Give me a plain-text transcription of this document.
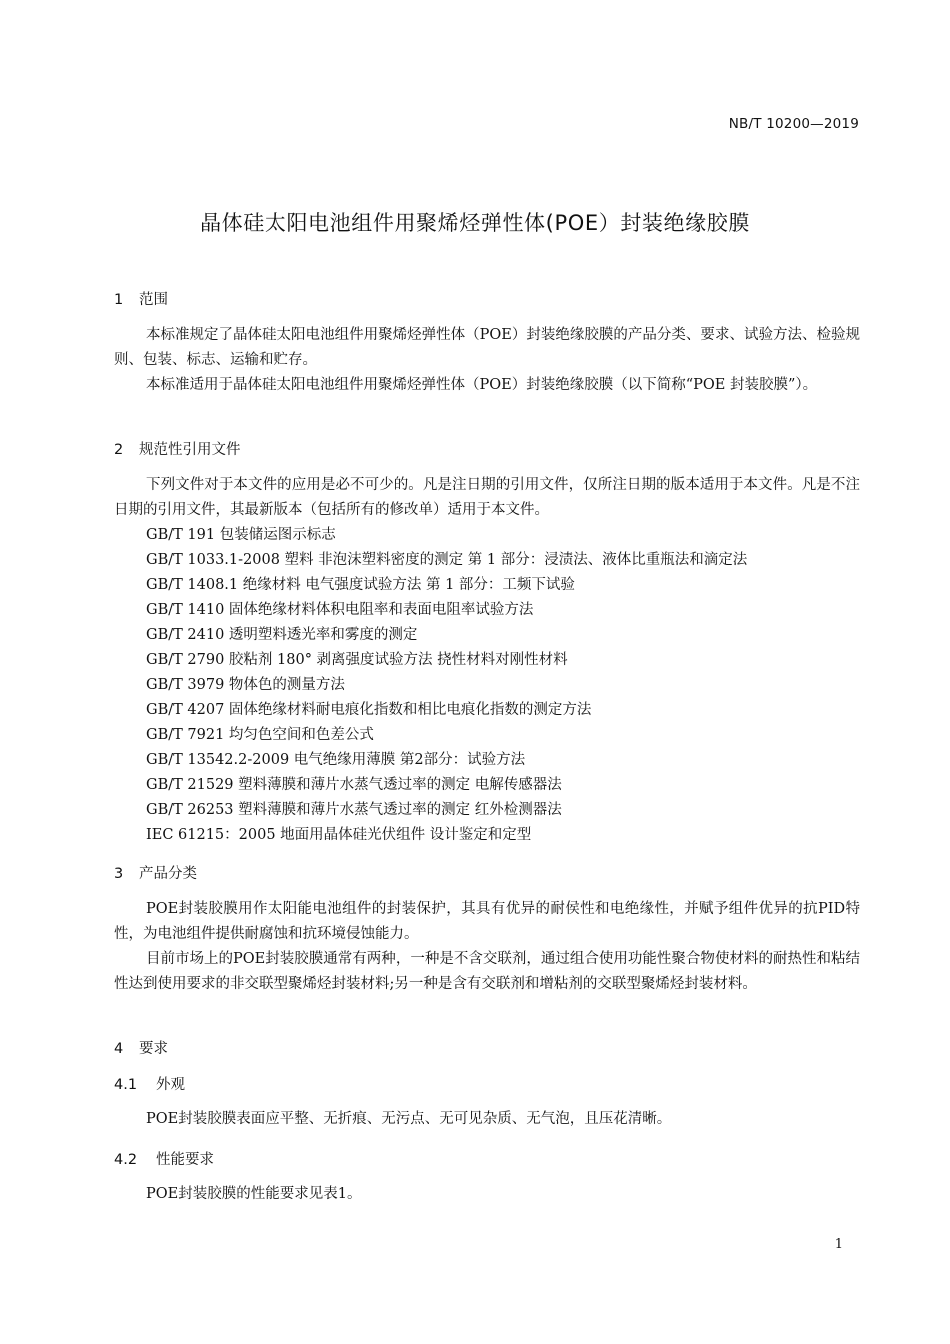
NB/T 10200—2019
晶体硅太阳电池组件用聚烯烃弹性体(POE）封装绝缘胶膜
1 范围

本标准规定了晶体硅太阳电池组件用聚烯烃弹性体（POE）封装绝缘胶膜的产品分类、要求、试验方法、检验规则、包装、标志、运输和贮存。

本标准适用于晶体硅太阳电池组件用聚烯烃弹性体（POE）封装绝缘胶膜（以下简称“POE 封装胶膜”）。

2 规范性引用文件

下列文件对于本文件的应用是必不可少的。凡是注日期的引用文件，仅所注日期的版本适用于本文件。凡是不注日期的引用文件，其最新版本（包括所有的修改单）适用于本文件。

GB/T 191 包装储运图示标志
GB/T 1033.1-2008 塑料 非泡沫塑料密度的测定 第 1 部分：浸渍法、液体比重瓶法和滴定法
GB/T 1408.1 绝缘材料 电气强度试验方法 第 1 部分：工频下试验
GB/T 1410 固体绝缘材料体积电阻率和表面电阻率试验方法
GB/T 2410 透明塑料透光率和雾度的测定
GB/T 2790 胶粘剂 180° 剥离强度试验方法 挠性材料对刚性材料
GB/T 3979 物体色的测量方法
GB/T 4207 固体绝缘材料耐电痕化指数和相比电痕化指数的测定方法
GB/T 7921 均匀色空间和色差公式
GB/T 13542.2-2009 电气绝缘用薄膜 第2部分：试验方法
GB/T 21529 塑料薄膜和薄片水蒸气透过率的测定 电解传感器法
GB/T 26253 塑料薄膜和薄片水蒸气透过率的测定 红外检测器法
IEC 61215：2005 地面用晶体硅光伏组件 设计鉴定和定型
3 产品分类

POE封装胶膜用作太阳能电池组件的封装保护，其具有优异的耐侯性和电绝缘性，并赋予组件优异的抗PID特性，为电池组件提供耐腐蚀和抗环境侵蚀能力。

目前市场上的POE封装胶膜通常有两种，一种是不含交联剂，通过组合使用功能性聚合物使材料的耐热性和粘结性达到使用要求的非交联型聚烯烃封装材料;另一种是含有交联剂和增粘剂的交联型聚烯烃封装材料。

4 要求
4.1 外观

POE封装胶膜表面应平整、无折痕、无污点、无可见杂质、无气泡，且压花清晰。

4.2 性能要求

POE封装胶膜的性能要求见表1。

1
